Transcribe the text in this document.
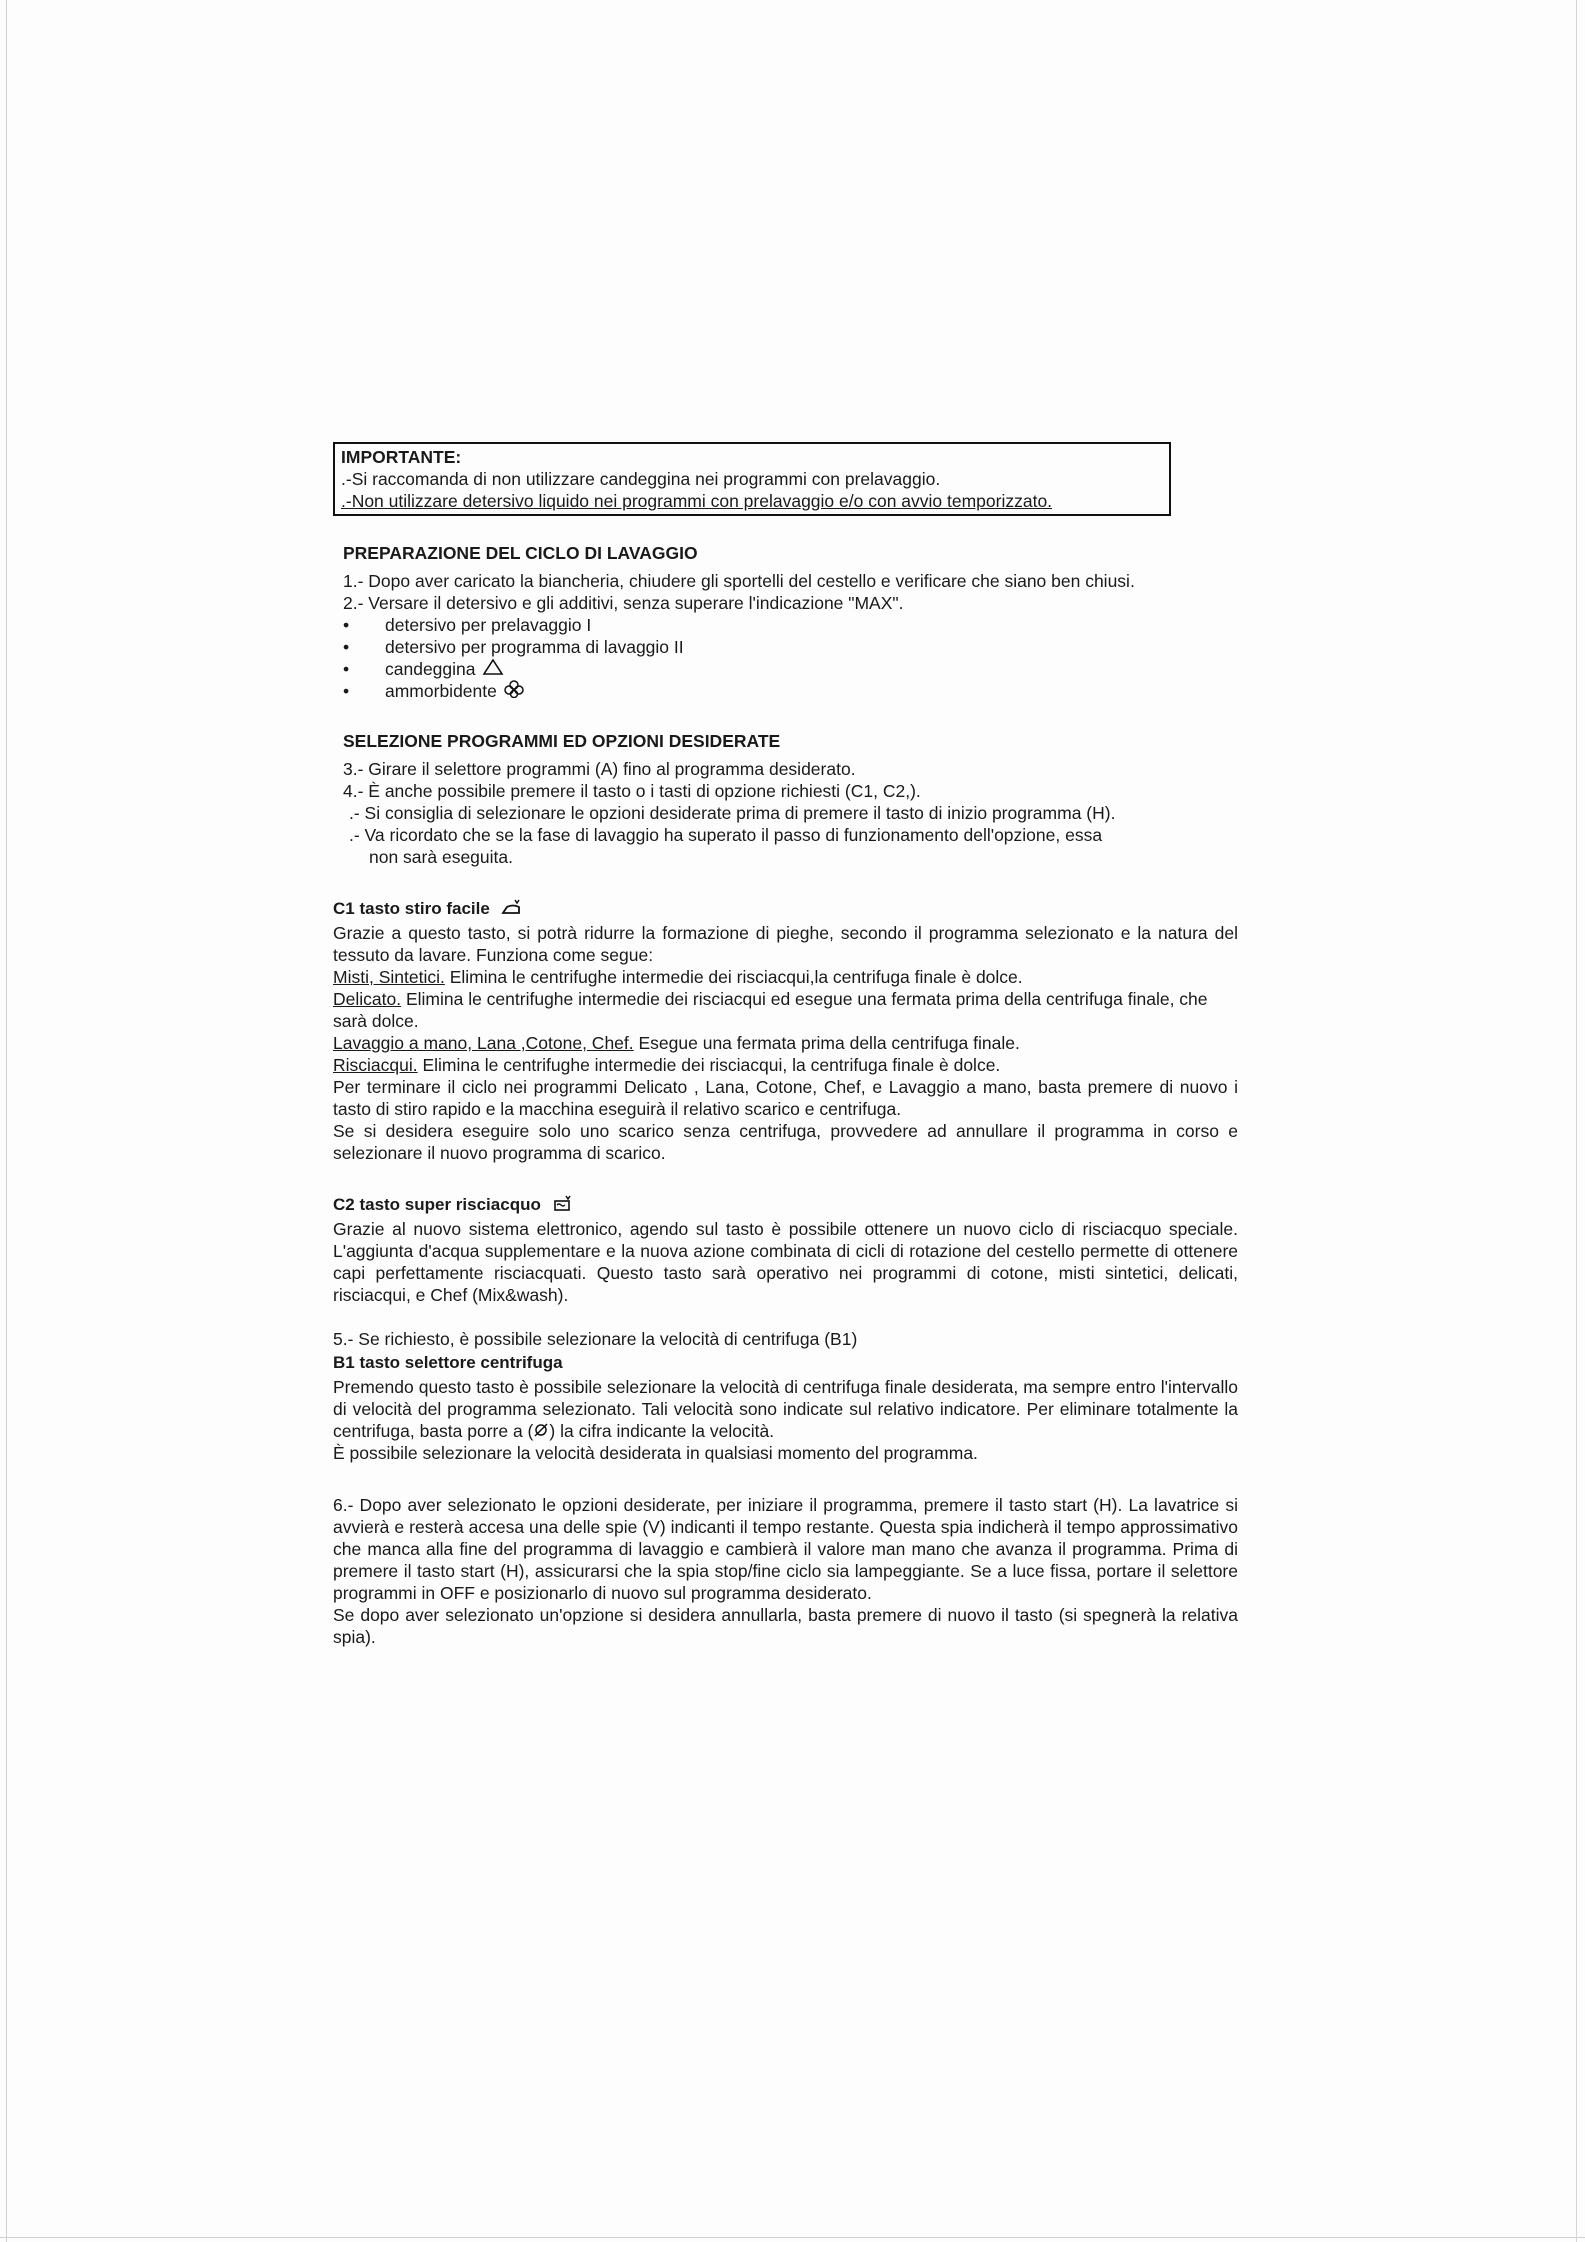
IMPORTANTE:
.-Si raccomanda di non utilizzare candeggina nei programmi con prelavaggio.
.-Non utilizzare detersivo liquido nei programmi con prelavaggio e/o con avvio temporizzato.
PREPARAZIONE DEL CICLO DI LAVAGGIO
1.- Dopo aver caricato la biancheria, chiudere gli sportelli del cestello e verificare che siano ben chiusi.
2.- Versare il detersivo e gli additivi, senza superare l'indicazione "MAX".
•	detersivo per prelavaggio I
•	detersivo per programma di lavaggio II
•	candeggina
•	ammorbidente
SELEZIONE PROGRAMMI ED OPZIONI DESIDERATE
3.- Girare il selettore programmi (A) fino al programma desiderato.
4.- È anche possibile premere il tasto o i tasti di opzione richiesti (C1, C2,).
.- Si consiglia di selezionare le opzioni desiderate prima di premere il tasto di inizio programma (H).
.- Va ricordato che se la fase di lavaggio ha superato il passo di funzionamento dell'opzione, essa
non sarà eseguita.
C1 tasto stiro facile
Grazie a questo tasto, si potrà ridurre la formazione di pieghe, secondo il programma selezionato e la natura del tessuto da lavare. Funziona come segue:
Misti, Sintetici. Elimina le centrifughe intermedie dei risciacqui,la centrifuga finale è dolce.
Delicato. Elimina le centrifughe intermedie dei risciacqui ed esegue una fermata prima della centrifuga finale, che sarà dolce.
Lavaggio a mano, Lana ,Cotone, Chef. Esegue una fermata prima della centrifuga finale.
Risciacqui. Elimina le centrifughe intermedie dei risciacqui, la centrifuga finale è dolce.
Per terminare il ciclo nei programmi Delicato , Lana, Cotone, Chef, e Lavaggio a mano, basta premere di nuovo i tasto di stiro rapido e la macchina eseguirà il relativo scarico e centrifuga.
Se si desidera eseguire solo uno scarico senza centrifuga, provvedere ad annullare il programma in corso e selezionare il nuovo programma di scarico.
C2 tasto super risciacquo
Grazie al nuovo sistema elettronico, agendo sul tasto è possibile ottenere un nuovo ciclo di risciacquo speciale. L'aggiunta d'acqua supplementare e la nuova azione combinata di cicli di rotazione del cestello permette di ottenere capi perfettamente risciacquati. Questo tasto sarà operativo nei programmi di cotone, misti sintetici, delicati, risciacqui, e Chef (Mix&wash).
5.- Se richiesto, è possibile selezionare la velocità di centrifuga (B1)
B1 tasto selettore centrifuga
Premendo questo tasto è possibile selezionare la velocità di centrifuga finale desiderata, ma sempre entro l'intervallo di velocità del programma selezionato. Tali velocità sono indicate sul relativo indicatore. Per eliminare totalmente la centrifuga, basta porre a ( ) la cifra indicante la velocità.
È possibile selezionare la velocità desiderata in qualsiasi momento del programma.
6.- Dopo aver selezionato le opzioni desiderate, per iniziare il programma, premere il tasto start (H). La lavatrice si avvierà e resterà accesa una delle spie (V) indicanti il tempo restante. Questa spia indicherà il tempo approssimativo che manca alla fine del programma di lavaggio e cambierà il valore man mano che avanza il programma. Prima di premere il tasto start (H), assicurarsi che la spia stop/fine ciclo sia lampeggiante. Se a luce fissa, portare il selettore programmi in OFF e posizionarlo di nuovo sul programma desiderato.
Se dopo aver selezionato un'opzione si desidera annullarla, basta premere di nuovo il tasto (si spegnerà la relativa spia).
